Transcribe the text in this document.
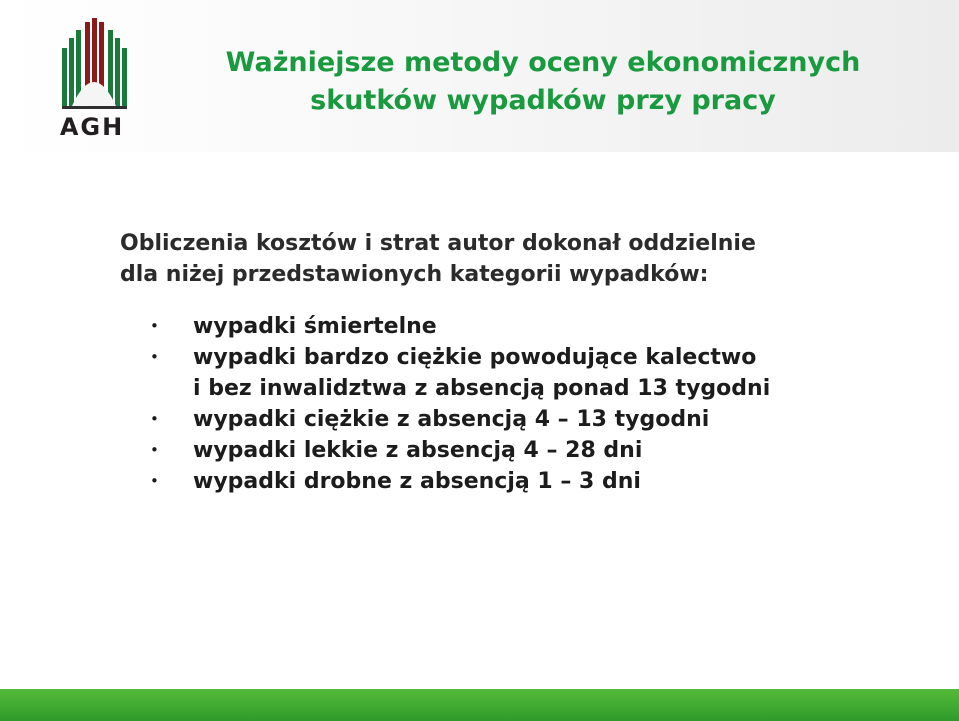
AGH
Ważniejsze metody oceny ekonomicznych
skutków wypadków przy pracy

Obliczenia kosztów i strat autor dokonał oddzielnie
dla niżej przedstawionych kategorii wypadków:

• wypadki śmiertelne
• wypadki bardzo ciężkie powodujące kalectwo
i bez inwalidztwa z absencją ponad 13 tygodni
• wypadki ciężkie z absencją 4 – 13 tygodni
• wypadki lekkie z absencją 4 – 28 dni
• wypadki drobne z absencją 1 – 3 dni
